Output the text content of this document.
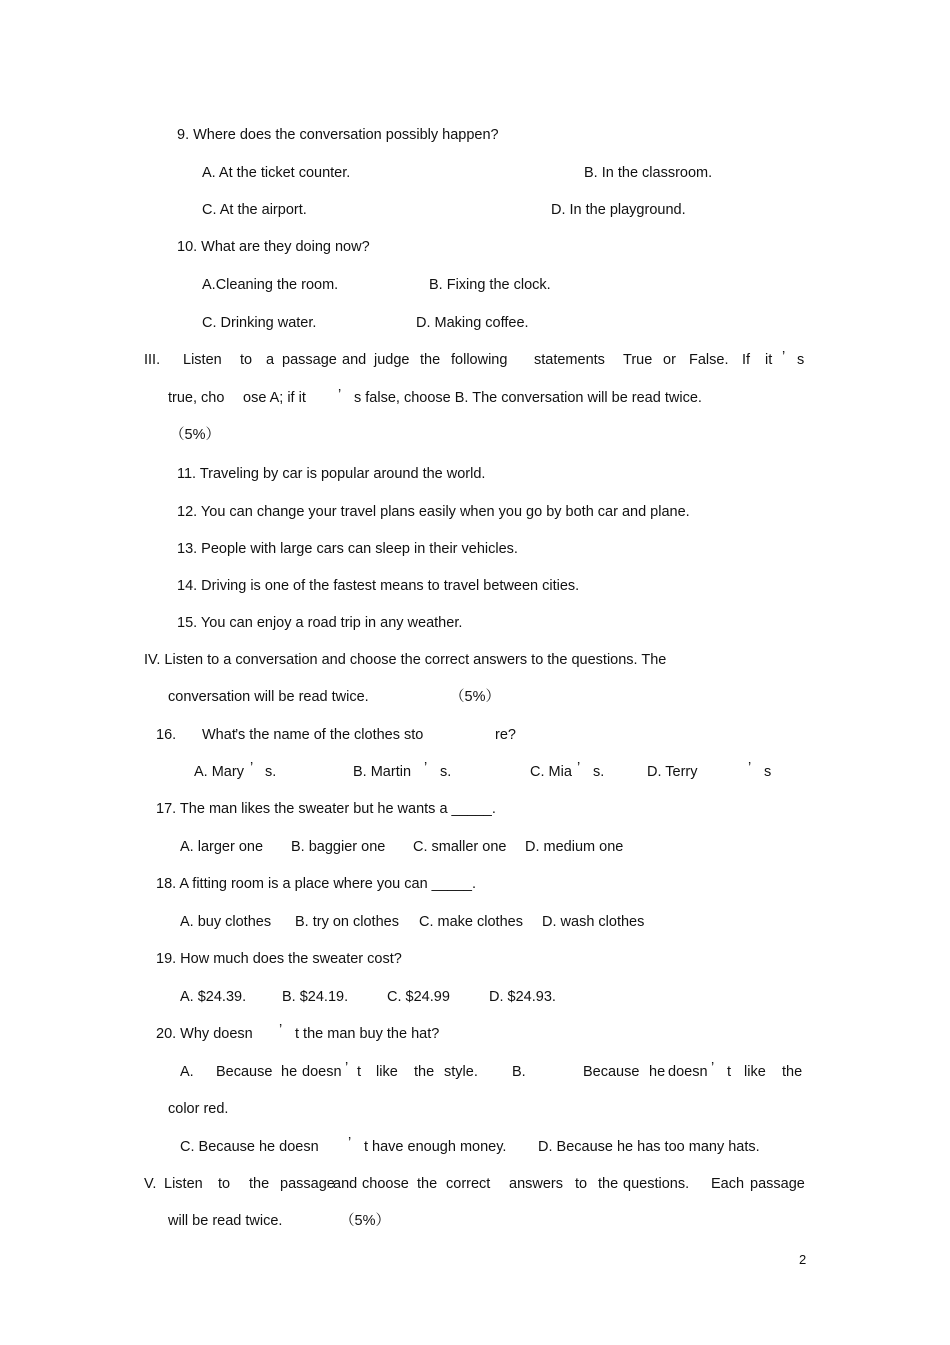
9. Where does the conversation possibly happen?
A. At the ticket counter.	B. In the classroom.
C. At the airport.	D. In the playground.
10. What are they doing now?
A.Cleaning the room.	B. Fixing the clock.
C. Drinking water.	D. Making coffee.
III. Listen to a passage and judge the following statements True or False. If it ’ s
true, cho ose A; if it ’ s false, choose B. The conversation will be read twice.
（5%）
11. Traveling by car is popular around the world.
12. You can change your travel plans easily when you go by both car and plane.
13. People with large cars can sleep in their vehicles.
14. Driving is one of the fastest means to travel between cities.
15. You can enjoy a road trip in any weather.
IV. Listen to a conversation and choose the correct answers to the questions. The
conversation will be read twice.	（5%）
16. What ’s the name of the clothes sto	re?
A. Mary ’ s.	B. Martin ’ s.	C. Mia ’ s.	D. Terry	’ s
17. The man likes the sweater but he wants a _____.
A. larger one B. baggier one C. smaller one D. medium one
18. A fitting room is a place where you can _____.
A. buy clothes B. try on clothes C. make clothes D. wash clothes
19. How much does the sweater cost?
A. $24.39. B. $24.19.	C. $24.99	D. $24.93.
20. Why doesn ’ t the man buy the hat?
A. Because he doesn ’ t like the style. B.	Because he doesn ’ t like the
color red.
C. Because he doesn ’ t have enough money. D. Because he has too many hats.
V. Listen to the passage
and choose the correct answers to the questions. Each passage
will be read twice.	（5%）
2
